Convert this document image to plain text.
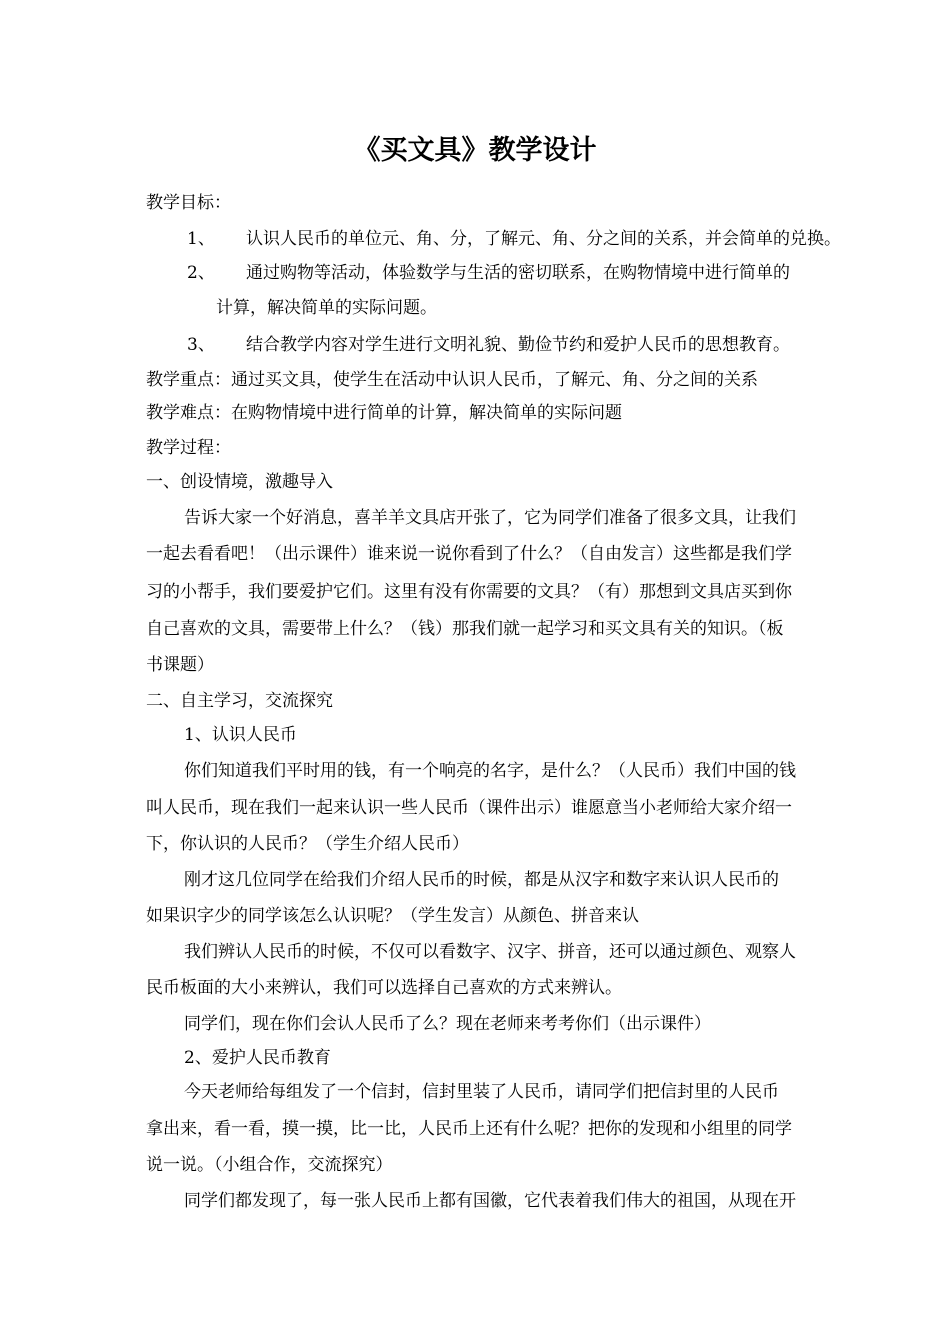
《买文具》教学设计
教学目标：
1、 认识人民币的单位元、角、分，了解元、角、分之间的关系，并会简单的兑换。
2、 通过购物等活动，体验数学与生活的密切联系，在购物情境中进行简单的
计算，解决简单的实际问题。
3、 结合教学内容对学生进行文明礼貌、勤俭节约和爱护人民币的思想教育。
教学重点：通过买文具，使学生在活动中认识人民币，了解元、角、分之间的关系
教学难点：在购物情境中进行简单的计算，解决简单的实际问题
教学过程：
一、创设情境，激趣导入
告诉大家一个好消息，喜羊羊文具店开张了，它为同学们准备了很多文具，让我们
一起去看看吧！（出示课件）谁来说一说你看到了什么？（自由发言）这些都是我们学
习的小帮手，我们要爱护它们。这里有没有你需要的文具？（有）那想到文具店买到你
自己喜欢的文具，需要带上什么？（钱）那我们就一起学习和买文具有关的知识。（板
书课题）
二、自主学习，交流探究
1、认识人民币
你们知道我们平时用的钱，有一个响亮的名字，是什么？（人民币）我们中国的钱
叫人民币，现在我们一起来认识一些人民币（课件出示）谁愿意当小老师给大家介绍一
下，你认识的人民币？（学生介绍人民币）
刚才这几位同学在给我们介绍人民币的时候，都是从汉字和数字来认识人民币的
如果识字少的同学该怎么认识呢？（学生发言）从颜色、拼音来认
我们辨认人民币的时候，不仅可以看数字、汉字、拼音，还可以通过颜色、观察人
民币板面的大小来辨认，我们可以选择自己喜欢的方式来辨认。
同学们，现在你们会认人民币了么？现在老师来考考你们（出示课件）
2、爱护人民币教育
今天老师给每组发了一个信封，信封里装了人民币，请同学们把信封里的人民币
拿出来，看一看，摸一摸，比一比，人民币上还有什么呢？把你的发现和小组里的同学
说一说。（小组合作，交流探究）
同学们都发现了，每一张人民币上都有国徽，它代表着我们伟大的祖国，从现在开
